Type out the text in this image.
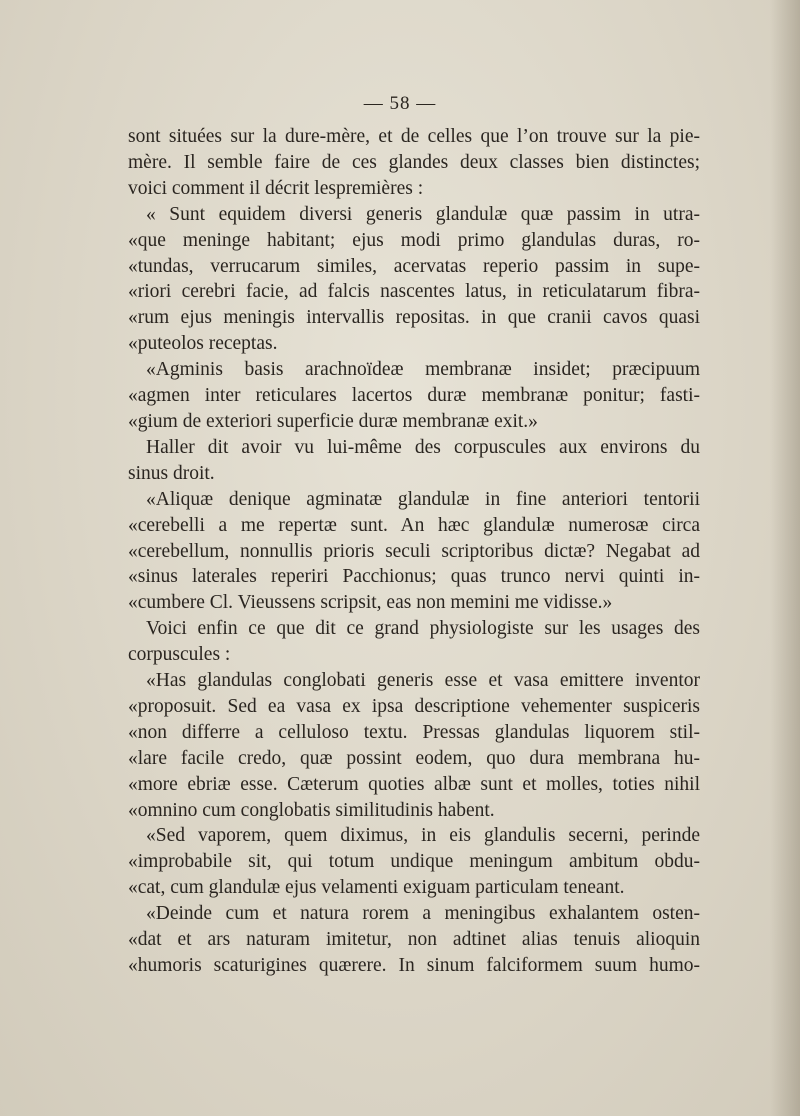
— 58 —
sont situées sur la dure-mère, et de celles que l’on trouve sur la pie-
mère. Il semble faire de ces glandes deux classes bien distinctes;
voici comment il décrit lespremières :
« Sunt equidem diversi generis glandulæ quæ passim in utra-
«que meninge habitant; ejus modi primo glandulas duras, ro-
«tundas, verrucarum similes, acervatas reperio passim in supe-
«riori cerebri facie, ad falcis nascentes latus, in reticulatarum fibra-
«rum ejus meningis intervallis repositas. in que cranii cavos quasi
«puteolos receptas.
«Agminis basis arachnoïdeæ membranæ insidet; præcipuum
«agmen inter reticulares lacertos duræ membranæ ponitur; fasti-
«gium de exteriori superficie duræ membranæ exit.»
Haller dit avoir vu lui-même des corpuscules aux environs du
sinus droit.
«Aliquæ denique agminatæ glandulæ in fine anteriori tentorii
«cerebelli a me repertæ sunt. An hæc glandulæ numerosæ circa
«cerebellum, nonnullis prioris seculi scriptoribus dictæ? Negabat ad
«sinus laterales reperiri Pacchionus; quas trunco nervi quinti in-
«cumbere Cl. Vieussens scripsit, eas non memini me vidisse.»
Voici enfin ce que dit ce grand physiologiste sur les usages des
corpuscules :
«Has glandulas conglobati generis esse et vasa emittere inventor
«proposuit. Sed ea vasa ex ipsa descriptione vehementer suspiceris
«non differre a celluloso textu. Pressas glandulas liquorem stil-
«lare facile credo, quæ possint eodem, quo dura membrana hu-
«more ebriæ esse. Cæterum quoties albæ sunt et molles, toties nihil
«omnino cum conglobatis similitudinis habent.
«Sed vaporem, quem diximus, in eis glandulis secerni, perinde
«improbabile sit, qui totum undique meningum ambitum obdu-
«cat, cum glandulæ ejus velamenti exiguam particulam teneant.
«Deinde cum et natura rorem a meningibus exhalantem osten-
«dat et ars naturam imitetur, non adtinet alias tenuis alioquin
«humoris scaturigines quærere. In sinum falciformem suum humo-
